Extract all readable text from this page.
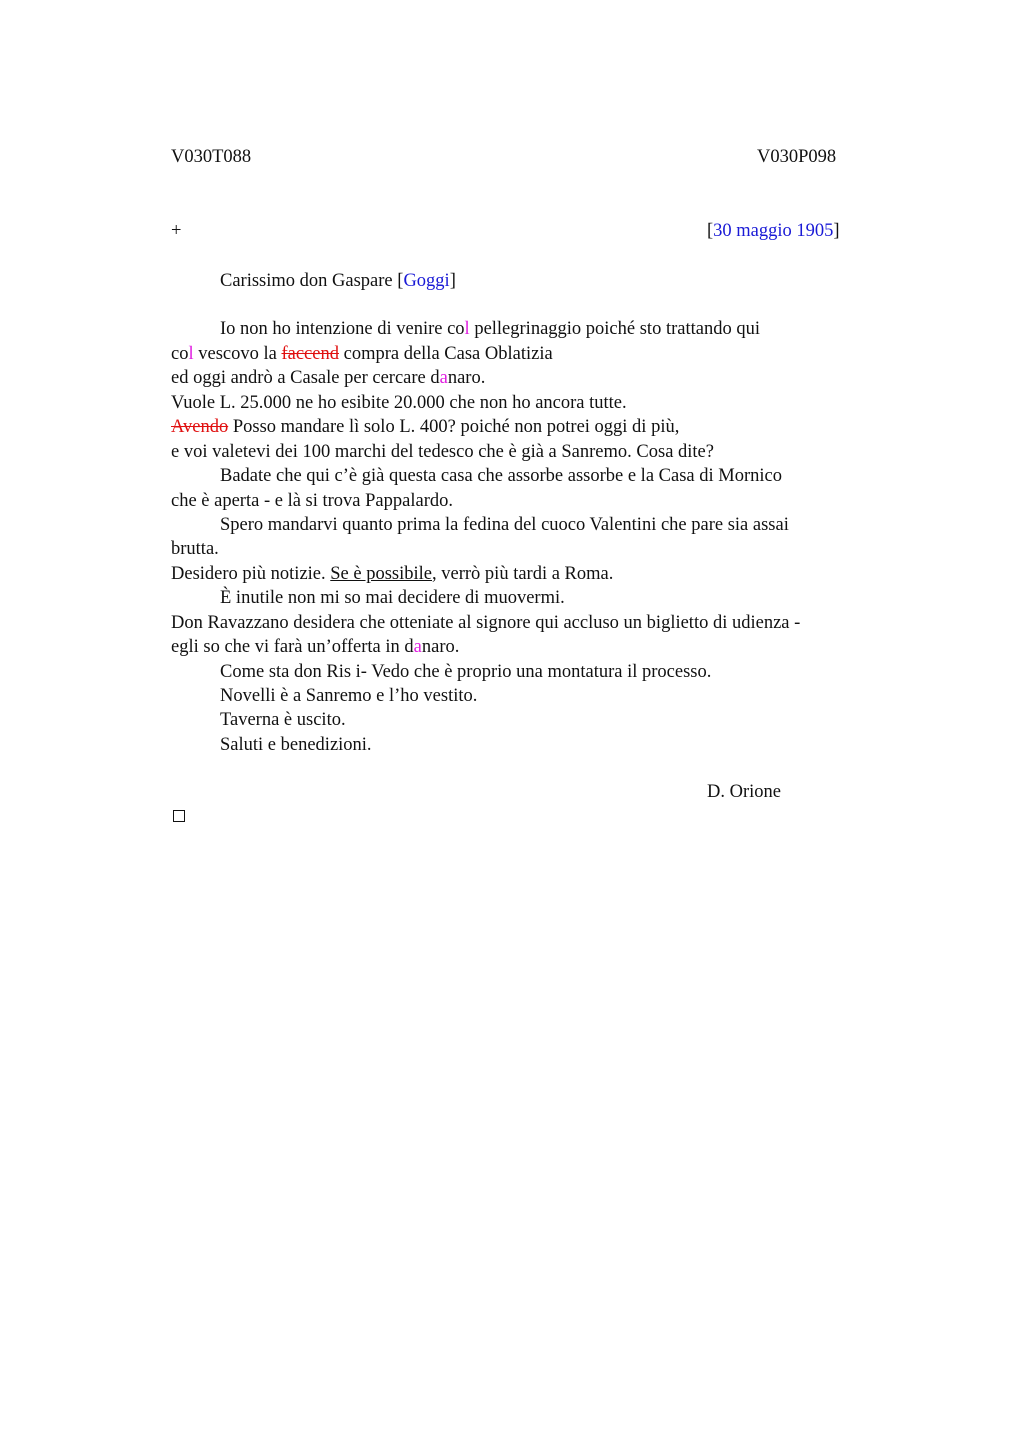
V030T088	V030P098
+	[30 maggio 1905]
Carissimo don Gaspare [Goggi]
Io non ho intenzione di venire col pellegrinaggio poiché sto trattando qui
col vescovo la faccend compra della Casa Oblatizia
ed oggi andrò a Casale per cercare danaro.
Vuole L. 25.000 ne ho esibite 20.000 che non ho ancora tutte.
Avendo Posso mandare lì solo L. 400? poiché non potrei oggi di più,
e voi valetevi dei 100 marchi del tedesco che è già a Sanremo. Cosa dite?
Badate che qui c’è già questa casa che assorbe assorbe e la Casa di Mornico
che è aperta - e là si trova Pappalardo.
Spero mandarvi quanto prima la fedina del cuoco Valentini che pare sia assai
brutta.
Desidero più notizie. Se è possibile, verrò più tardi a Roma.
È inutile non mi so mai decidere di muovermi.
Don Ravazzano desidera che otteniate al signore qui accluso un biglietto di udienza -
egli so che vi farà un’offerta in danaro.
Come sta don Ris i- Vedo che è proprio una montatura il processo.
Novelli è a Sanremo e l’ho vestito.
Taverna è uscito.
Saluti e benedizioni.
D. Orione
